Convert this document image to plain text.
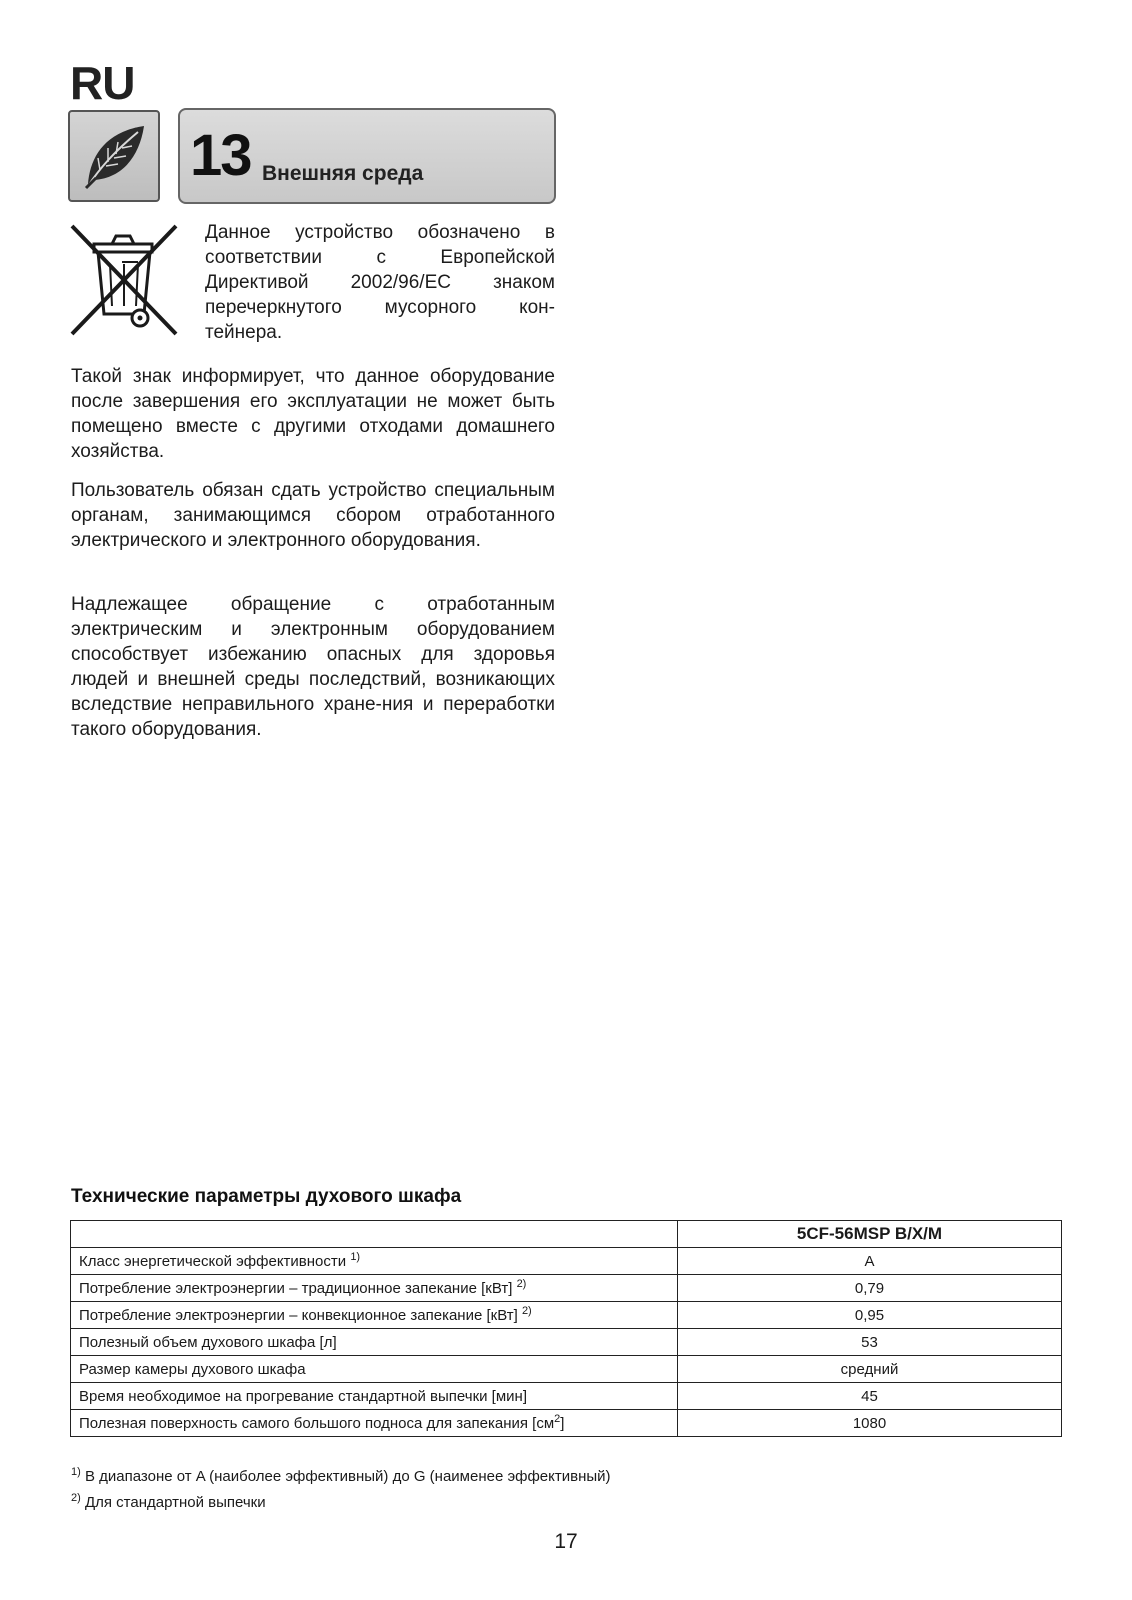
RU
13 Внешняя среда
Данное устройство обозначено в соответствии с Европейской Директивой 2002/96/ЕС знаком перечеркнутого мусорного кон-тейнера.
Такой знак информирует, что данное оборудование после завершения его эксплуатации не может быть помещено вместе с другими отходами домашнего хозяйства.
Пользователь обязан сдать устройство специальным органам, занимающимся сбором отработанного электрического и электронного оборудования.
Надлежащее обращение с отработанным электрическим и электронным оборудованием способствует избежанию опасных для здоровья людей и внешней среды последствий, возникающих вследствие неправильного хране-ния и переработки такого оборудования.
Технические параметры духового шкафа
	5CF-56MSP B/X/M
Класс энергетической эффективности $^{1)}$	A
Потребление электроэнергии – традиционное запекание [кВт] $^{2)}$	0,79
Потребление электроэнергии – конвекционное запекание [кВт] $^{2)}$	0,95
Полезный объем духового шкафа [л]	53
Размер камеры духового шкафа	средний
Время необходимое на прогревание стандартной выпечки [мин]	45
Полезная поверхность самого большого подноса для запекания $[см^2]$	1080
$^{1)}$ В диапазоне от A (наиболее эффективный) до G (наименее эффективный)
$^{2)}$ Для стандартной выпечки
17
